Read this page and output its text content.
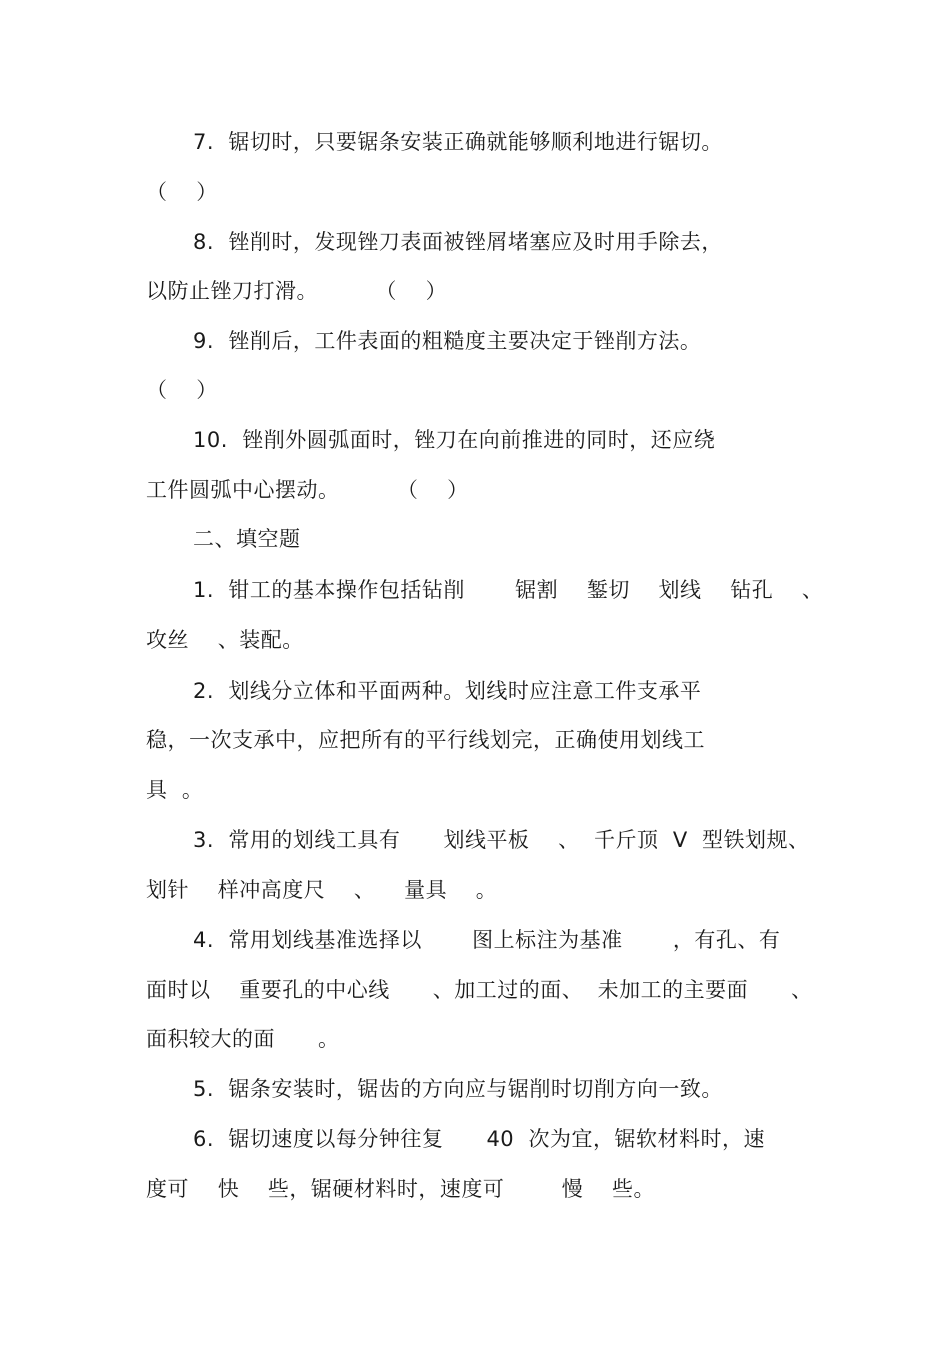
7.  锯切时，只要锯条安装正确就能够顺利地进行锯切。
（    ）
8.  锉削时，发现锉刀表面被锉屑堵塞应及时用手除去，
以防止锉刀打滑。        （    ）
9.  锉削后，工件表面的粗糙度主要决定于锉削方法。
（    ）
10.  锉削外圆弧面时，锉刀在向前推进的同时，还应绕
工件圆弧中心摆动。        （    ）
二、填空题
1.  钳工的基本操作包括钻削       锯割    錾切    划线    钻孔    、
攻丝    、装配。
2.  划线分立体和平面两种。划线时应注意工件支承平
稳，一次支承中，应把所有的平行线划完，正确使用划线工
具  。
3.  常用的划线工具有      划线平板    、  千斤顶  V  型铁划规、
划针    样冲高度尺    、    量具    。
4.  常用划线基准选择以       图上标注为基准       ，有孔、有
面时以    重要孔的中心线      、加工过的面、  未加工的主要面      、
面积较大的面      。
5.  锯条安装时，锯齿的方向应与锯削时切削方向一致。
6.  锯切速度以每分钟往复      40  次为宜，锯软材料时，速
度可    快    些，锯硬材料时，速度可        慢    些。
